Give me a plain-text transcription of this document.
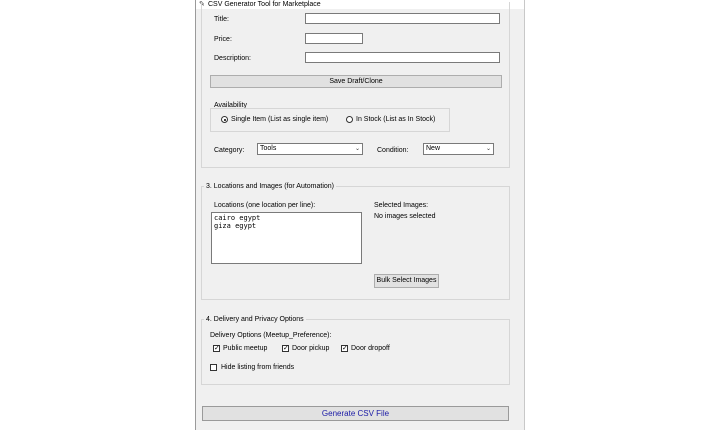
✎ CSV Generator Tool for Marketplace
Title:
Price:
Description:
Save Draft/Clone
Availability
Single Item (List as single item)	In Stock (List as In Stock)
Category:	Tools	⌄ Condition:	New	⌄
3. Locations and Images (for Automation)
Locations (one location per line):
cairo egypt
giza egypt
Selected Images:
No images selected
Bulk Select Images
4. Delivery and Privacy Options
Delivery Options (Meetup_Preference):
✓ Public meetup ✓ Door pickup ✓ Door dropoff
Hide listing from friends
Generate CSV File
